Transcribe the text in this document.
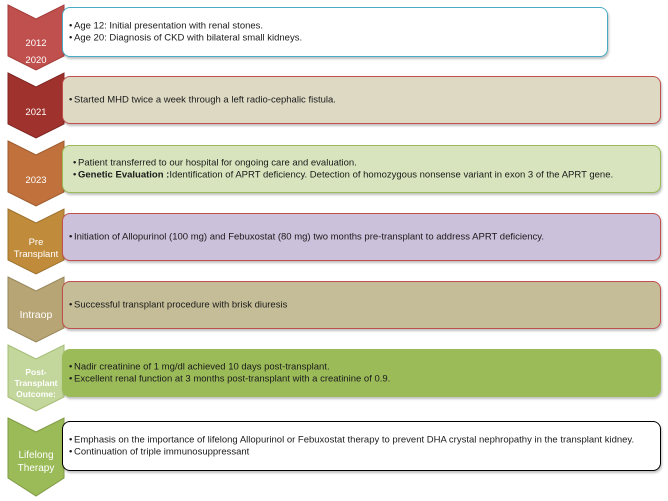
2012
2020
• Age 12: Initial presentation with renal stones.
• Age 20: Diagnosis of CKD with bilateral small kidneys.
2021
• Started MHD twice a week through a left radio-cephalic fistula.
2023
• Patient transferred to our hospital for ongoing care and evaluation.
• Genetic Evaluation :Identification of APRT deficiency. Detection of homozygous nonsense variant in exon 3 of the APRT gene.
Pre
Transplant
• Initiation of Allopurinol (100 mg) and Febuxostat (80 mg) two months pre-transplant to address APRT deficiency.
Intraop
• Successful transplant procedure with brisk diuresis
Post-
Transplant
Outcome:
• Nadir creatinine of 1 mg/dl achieved 10 days post-transplant.
• Excellent renal function at 3 months post-transplant with a creatinine of 0.9.
Lifelong
Therapy
• Emphasis on the importance of lifelong Allopurinol or Febuxostat therapy to prevent DHA crystal nephropathy in the transplant kidney.
• Continuation of triple immunosuppressant
